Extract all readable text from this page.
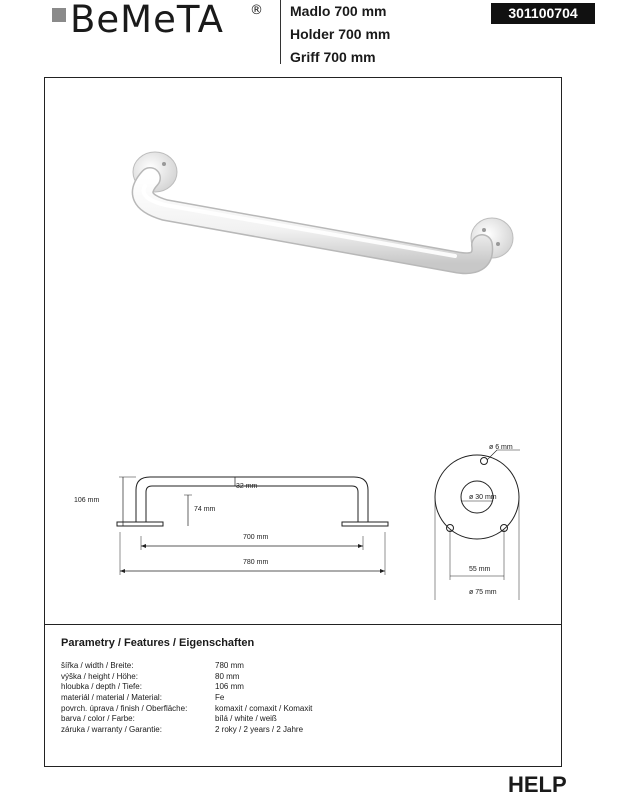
BeMeTA ® Madlo 700 mm
Holder 700 mm
Griff 700 mm
301100704
106 mm
32 mm
74 mm
700 mm
780 mm
ø 6 mm
ø 30 mm
55 mm
ø 75 mm
Parametry / Features / Eigenschaften
šířka / width / Breite:	780 mm
výška / height / Höhe:	80 mm
hloubka / depth / Tiefe:	106 mm
materiál / material / Material:	Fe
povrch. úprava / finish / Oberfläche:	komaxit / comaxit / Komaxit
barva / color / Farbe:	bílá / white / weiß
záruka / warranty / Garantie:	2 roky / 2 years / 2 Jahre
HELP
